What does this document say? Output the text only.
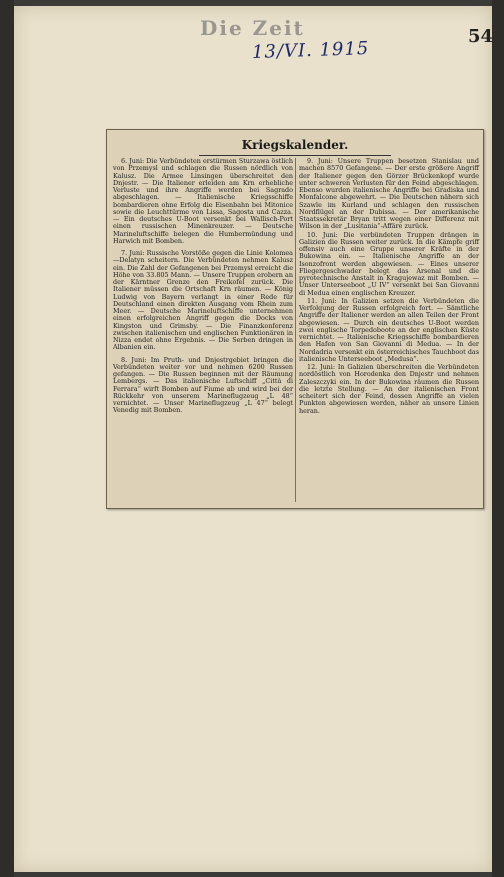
Die Zeit
13/VI. 1915
54
Kriegskalender.

6. Juni: Die Verbündeten erstürmen Sturzawa östlich von Przemysl und schlagen die Russen nördlich von Kalusz. Die Armee Linsingen überschreitet den Dnjestr. — Die Italiener erleiden am Krn erhebliche Verluste und ihre Angriffe werden bei Sagrado abgeschlagen. — Italienische Kriegsschiffe bombardieren ohne Erfolg die Eisenbahn bei Mitonice sowie die Leuchttürme von Lissa, Sagosta und Cazza. — Ein deutsches U-Boot versenkt bei Wallisch-Port einen russischen Minenkreuzer. — Deutsche Marineluftschiffe belegen die Humbermündung und Harwich mit Bomben.

7. Juni: Russische Vorstöße gegen die Linie Kolomea—Delatyn scheitern. Die Verbündeten nehmen Kalusz ein. Die Zahl der Gefangenen bei Przemysl erreicht die Höhe von 33.805 Mann. — Unsere Truppen erobern an der Kärntner Grenze den Freikofel zurück. Die Italiener müssen die Ortschaft Krn räumen. — König Ludwig von Bayern verlangt in einer Rede für Deutschland einen direkten Ausgang vom Rhein zum Meer. — Deutsche Marineluftschiffe unternehmen einen erfolgreichen Angriff gegen die Docks von Kingston und Grimsby. — Die Finanzkonferenz zwischen italienischen und englischen Funktionären in Nizza endet ohne Ergebnis. — Die Serben dringen in Albanien ein.

8. Juni: Im Pruth- und Dnjestrgebiet bringen die Verbündeten weiter vor und nehmen 6200 Russen gefangen. — Die Russen beginnen mit der Räumung Lembergs. — Das italienische Luftschiff „Città di Ferrara“ wirft Bomben auf Fiume ab und wird bei der Rückkehr von unserem Marineflugzeug „L 48“ vernichtet. — Unser Marineflugzeug „L 47“ belegt Venedig mit Bomben.

9. Juni: Unsere Truppen besetzen Stanislau und machen 8570 Gefangene. — Der erste größere Angriff der Italiener gegen den Görzer Brückenkopf wurde unter schweren Verlusten für den Feind abgeschlagen. Ebenso wurden italienische Angriffe bei Gradiska und Monfalcone abgewehrt. — Die Deutschen nähern sich Szawle im Kurland und schlagen den russischen Nordflügel an der Dubissa. — Der amerikanische Staatssekretär Bryan tritt wegen einer Differenz mit Wilson in der „Lusitania“-Affäre zurück.

10. Juni: Die verbündeten Truppen drängen in Galizien die Russen weiter zurück. In die Kämpfe griff offensiv auch eine Gruppe unserer Kräfte in der Bukowina ein. — Italienische Angriffe an der Isonzofront werden abgewiesen. — Eines unserer Fliegergeschwader belegt das Arsenal und die pyrotechnische Anstalt in Kragujewaz mit Bomben. — Unser Unterseeboot „U IV“ versenkt bei San Giovanni di Medua einen englischen Kreuzer.

11. Juni: In Galizien setzen die Verbündeten die Verfolgung der Russen erfolgreich fort. — Sämtliche Angriffe der Italiener werden an allen Teilen der Front abgewiesen. — Durch ein deutsches U-Boot werden zwei englische Torpedoboote an der englischen Küste vernichtet. — Italienische Kriegsschiffe bombardieren den Hafen von San Giovanni di Medua. — In der Nordadria versenkt ein österreichisches Tauchboot das italienische Unterseeboot „Medusa“.

12. Juni: In Galizien überschreiten die Verbündeten nordöstlich von Horodenka den Dnjestr und nehmen Zaleszczyki ein. In der Bukowina räumen die Russen die letzte Stellung. — An der italienischen Front scheitert sich der Feind, dessen Angriffe an vielen Punkten abgewiesen werden, näher an unsere Linien heran.
